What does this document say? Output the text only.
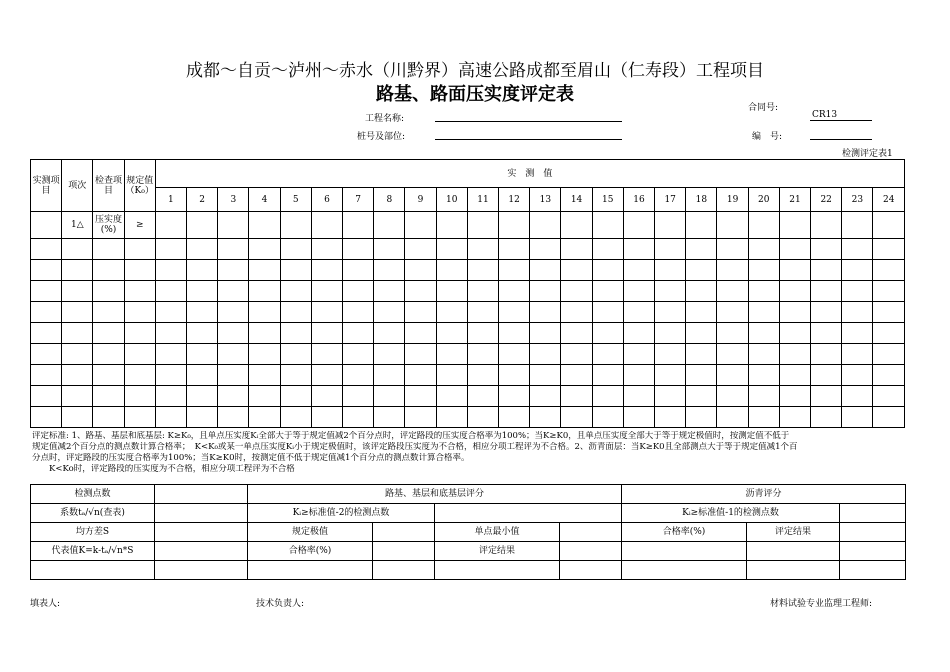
成都～自贡～泸州～赤水（川黔界）高速公路成都至眉山（仁寿段）工程项目
路基、路面压实度评定表
合同号:
CR13
工程名称:
桩号及部位:	编　号:
检测评定表1
实测项目	项次	检查项目	规定值（K₀）	实　测　值																							
				1	2	3	4	5	6	7	8	9	10	11	12	13	14	15	16	17	18	19	20	21	22	23	24
	1△	压实度(%)	≥																								

评定标准: 1、路基、基层和底基层: K≥K₀，且单点压实度Kᵢ全部大于等于规定值减2个百分点时，评定路段的压实度合格率为100%；当K≥K0，且单点压实度全部大于等于规定极值时，按测定值不低于
规定值减2个百分点的测点数计算合格率；　K<K₀或某一单点压实度Kᵢ小于规定极值时，该评定路段压实度为不合格，相应分项工程评为不合格。2、沥青面层：当K≥K0且全部测点大于等于规定值减1个百
分点时，评定路段的压实度合格率为100%；当K≥K0时，按测定值不低于规定值减1个百分点的测点数计算合格率。
　　K<Ko时，评定路段的压实度为不合格，相应分项工程评为不合格
检测点数		路基、基层和底基层评分				沥青评分		
系数tₐ/√n(查表)		Kᵢ≥标准值-2的检测点数				Kᵢ≥标准值-1的检测点数		
均方差S		规定极值		单点最小值		合格率(%)	评定结果	
代表值K=k-tₐ/√n*S		合格率(%)		评定结果				

填表人:	技术负责人:	材料试验专业监理工程师:
